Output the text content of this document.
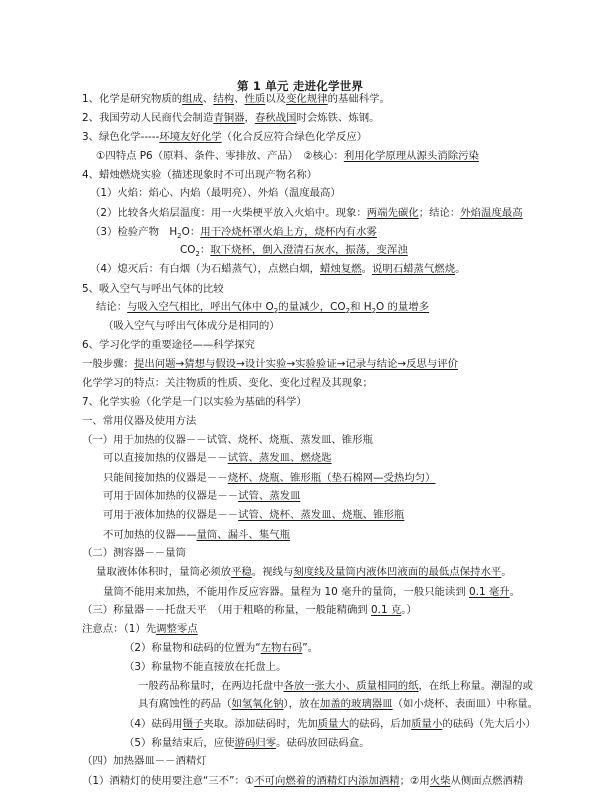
第 1 单元 走进化学世界
1、化学是研究物质的组成、结构、性质以及变化规律的基础科学。
2、我国劳动人民商代会制造青铜器，春秋战国时会炼铁、炼钢。
3、绿色化学-----环境友好化学（化合反应符合绿色化学反应）
①四特点 P6（原料、条件、零排放、产品）　②核心：利用化学原理从源头消除污染
4、蜡烛燃烧实验（描述现象时不可出现产物名称）
（1）火焰：焰心、内焰（最明亮）、外焰（温度最高）
（2）比较各火焰层温度：用一火柴梗平放入火焰中。现象：两端先碳化；结论：外焰温度最高
（3）检验产物　$H_2O$：用干冷烧杯罩火焰上方，烧杯内有水雾
$CO_2$：取下烧杯，倒入澄清石灰水，振荡，变浑浊
（4）熄灭后：有白烟（为石蜡蒸气），点燃白烟，蜡烛复燃。说明石蜡蒸气燃烧。
5、吸入空气与呼出气体的比较
结论：与吸入空气相比，呼出气体中 $O_2$的量减少，$CO_2$和 $H_2O$ 的量增多
（吸入空气与呼出气体成分是相同的）
6、学习化学的重要途径——科学探究
一般步骤：提出问题→猜想与假设→设计实验→实验验证→记录与结论→反思与评价
化学学习的特点：关注物质的性质、变化、变化过程及其现象；
7、化学实验（化学是一门以实验为基础的科学）
一、常用仪器及使用方法
（一）用于加热的仪器－－试管、烧杯、烧瓶、蒸发皿、锥形瓶
可以直接加热的仪器是－－试管、蒸发皿、燃烧匙
只能间接加热的仪器是－－烧杯、烧瓶、锥形瓶（垫石棉网—受热均匀）
可用于固体加热的仪器是－－试管、蒸发皿
可用于液体加热的仪器是－－试管、烧杯、蒸发皿、烧瓶、锥形瓶
不可加热的仪器——量筒、漏斗、集气瓶
（二）测容器－－量筒
量取液体体积时，量筒必须放平稳。视线与刻度线及量筒内液体凹液面的最低点保持水平。
量筒不能用来加热，不能用作反应容器。量程为 10 毫升的量筒，一般只能读到 0.1 毫升。
（三）称量器－－托盘天平　（用于粗略的称量，一般能精确到 0.1 克。）
注意点：（1）先调整零点
（2）称量物和砝码的位置为“左物右码”。
（3）称量物不能直接放在托盘上。
一般药品称量时，在两边托盘中各放一张大小、质量相同的纸，在纸上称量。潮湿的或
具有腐蚀性的药品（如氢氧化钠），放在加盖的玻璃器皿（如小烧杯、表面皿）中称量。
（4）砝码用镊子夹取。添加砝码时，先加质量大的砝码，后加质量小的砝码（先大后小）
（5）称量结束后，应使游码归零。砝码放回砝码盒。
（四）加热器皿－－酒精灯
（1）酒精灯的使用要注意“三不”：①不可向燃着的酒精灯内添加酒精；②用火柴从侧面点燃酒精
